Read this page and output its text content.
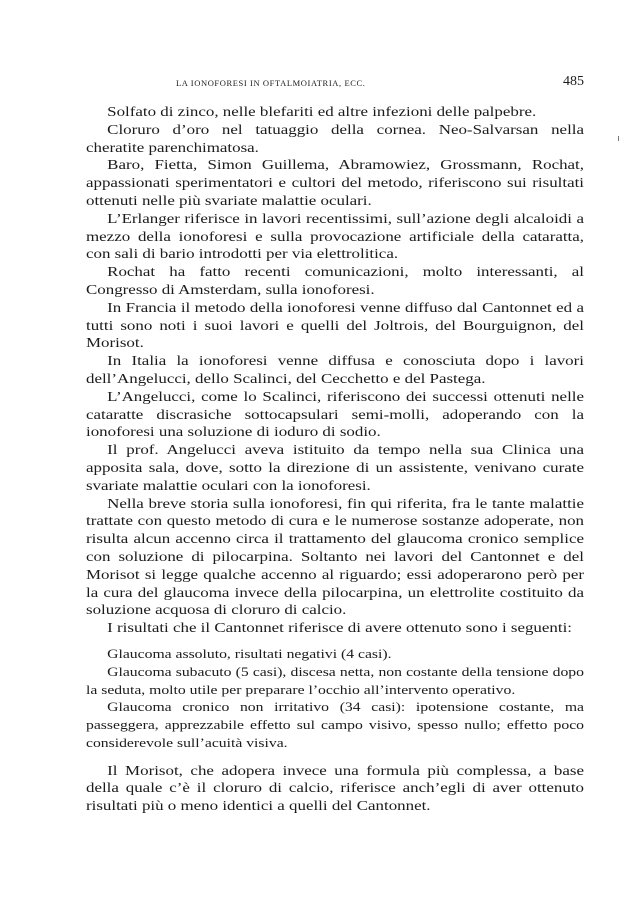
LA IONOFORESI IN OFTALMOIATRIA, ECC.	485

Solfato di zinco, nelle blefariti ed altre infezioni delle palpebre.

Cloruro d’oro nel tatuaggio della cornea. Neo-Salvarsan nella cheratite parenchimatosa.

Baro, Fietta, Simon Guillema, Abramowiez, Grossmann, Rochat, appassionati sperimentatori e cultori del metodo, riferiscono sui risultati ottenuti nelle più svariate malattie oculari.

L’Erlanger riferisce in lavori recentissimi, sull’azione degli alcaloidi a mezzo della ionoforesi e sulla provocazione artificiale della cataratta, con sali di bario introdotti per via elettrolitica.

Rochat ha fatto recenti comunicazioni, molto interessanti, al Congresso di Amsterdam, sulla ionoforesi.

In Francia il metodo della ionoforesi venne diffuso dal Cantonnet ed a tutti sono noti i suoi lavori e quelli del Joltrois, del Bourguignon, del Morisot.

In Italia la ionoforesi venne diffusa e conosciuta dopo i lavori dell’Angelucci, dello Scalinci, del Cecchetto e del Pastega.

L’Angelucci, come lo Scalinci, riferiscono dei successi ottenuti nelle cataratte discrasiche sottocapsulari semi-molli, adoperando con la ionoforesi una soluzione di ioduro di sodio.

Il prof. Angelucci aveva istituito da tempo nella sua Clinica una apposita sala, dove, sotto la direzione di un assistente, venivano curate svariate malattie oculari con la ionoforesi.

Nella breve storia sulla ionoforesi, fin qui riferita, fra le tante malattie trattate con questo metodo di cura e le numerose sostanze adoperate, non risulta alcun accenno circa il trattamento del glaucoma cronico semplice con soluzione di pilocarpina. Soltanto nei lavori del Cantonnet e del Morisot si legge qualche accenno al riguardo; essi adoperarono però per la cura del glaucoma invece della pilocarpina, un elettrolite costituito da soluzione acquosa di cloruro di calcio.

I risultati che il Cantonnet riferisce di avere ottenuto sono i seguenti:

Glaucoma assoluto, risultati negativi (4 casi).

Glaucoma subacuto (5 casi), discesa netta, non costante della tensione dopo la seduta, molto utile per preparare l’occhio all’intervento operativo.

Glaucoma cronico non irritativo (34 casi): ipotensione costante, ma passeggera, apprezzabile effetto sul campo visivo, spesso nullo; effetto poco considerevole sull’acuità visiva.

Il Morisot, che adopera invece una formula più complessa, a base della quale c’è il cloruro di calcio, riferisce anch’egli di aver ottenuto risultati più o meno identici a quelli del Cantonnet.
